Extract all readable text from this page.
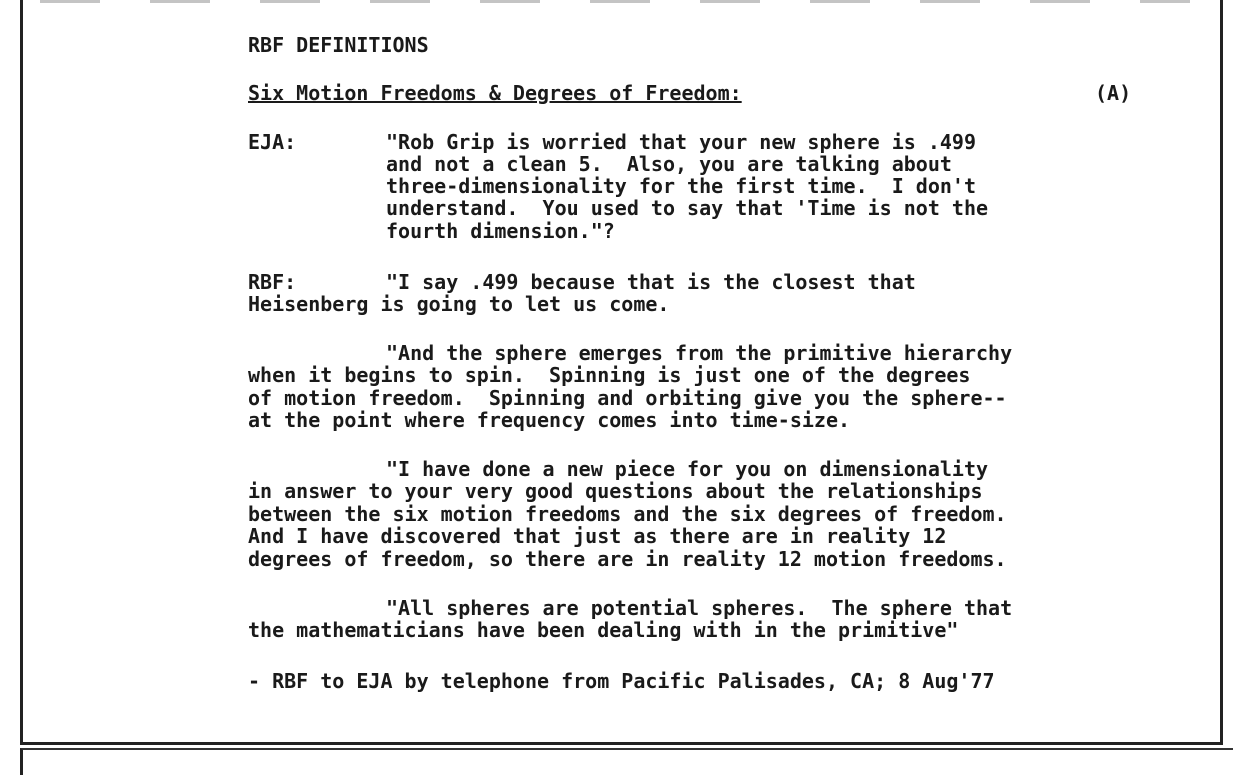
RBF DEFINITIONS
Six Motion Freedoms & Degrees of Freedom:	(A)
EJA:	"Rob Grip is worried that your new sphere is .499
and not a clean 5.  Also, you are talking about
three-dimensionality for the first time.  I don't
understand.  You used to say that 'Time is not the
fourth dimension."?
RBF:	"I say .499 because that is the closest that
Heisenberg is going to let us come.
"And the sphere emerges from the primitive hierarchy
when it begins to spin.  Spinning is just one of the degrees
of motion freedom.  Spinning and orbiting give you the sphere--
at the point where frequency comes into time-size.
"I have done a new piece for you on dimensionality
in answer to your very good questions about the relationships
between the six motion freedoms and the six degrees of freedom.
And I have discovered that just as there are in reality 12
degrees of freedom, so there are in reality 12 motion freedoms.
"All spheres are potential spheres.  The sphere that
the mathematicians have been dealing with in the primitive"
- RBF to EJA by telephone from Pacific Palisades, CA; 8 Aug'77
